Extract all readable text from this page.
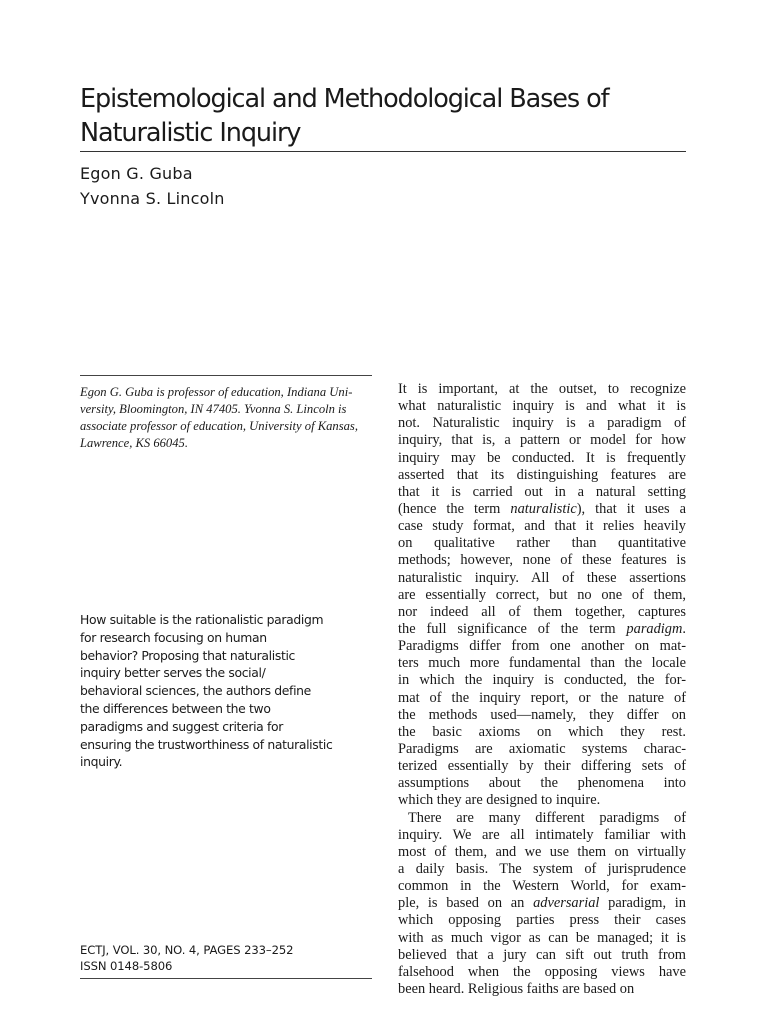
Epistemological and Methodological Bases of
Naturalistic Inquiry
Egon G. Guba
Yvonna S. Lincoln
Egon G. Guba is professor of education, Indiana Uni-
versity, Bloomington, IN 47405. Yvonna S. Lincoln is
associate professor of education, University of Kansas,
Lawrence, KS 66045.
How suitable is the rationalistic paradigm
for research focusing on human
behavior? Proposing that naturalistic
inquiry better serves the social/
behavioral sciences, the authors define
the differences between the two
paradigms and suggest criteria for
ensuring the trustworthiness of naturalistic
inquiry.
ECTJ, VOL. 30, NO. 4, PAGES 233–252
ISSN 0148-5806
It is important, at the outset, to recognize
what naturalistic inquiry is and what it is
not. Naturalistic inquiry is a paradigm of
inquiry, that is, a pattern or model for how
inquiry may be conducted. It is frequently
asserted that its distinguishing features are
that it is carried out in a natural setting
(hence the term naturalistic), that it uses a
case study format, and that it relies heavily
on qualitative rather than quantitative
methods; however, none of these features is
naturalistic inquiry. All of these assertions
are essentially correct, but no one of them,
nor indeed all of them together, captures
the full significance of the term paradigm.
Paradigms differ from one another on mat-
ters much more fundamental than the locale
in which the inquiry is conducted, the for-
mat of the inquiry report, or the nature of
the methods used—namely, they differ on
the basic axioms on which they rest.
Paradigms are axiomatic systems charac-
terized essentially by their differing sets of
assumptions about the phenomena into
which they are designed to inquire.
There are many different paradigms of
inquiry. We are all intimately familiar with
most of them, and we use them on virtually
a daily basis. The system of jurisprudence
common in the Western World, for exam-
ple, is based on an adversarial paradigm, in
which opposing parties press their cases
with as much vigor as can be managed; it is
believed that a jury can sift out truth from
falsehood when the opposing views have
been heard. Religious faiths are based on
